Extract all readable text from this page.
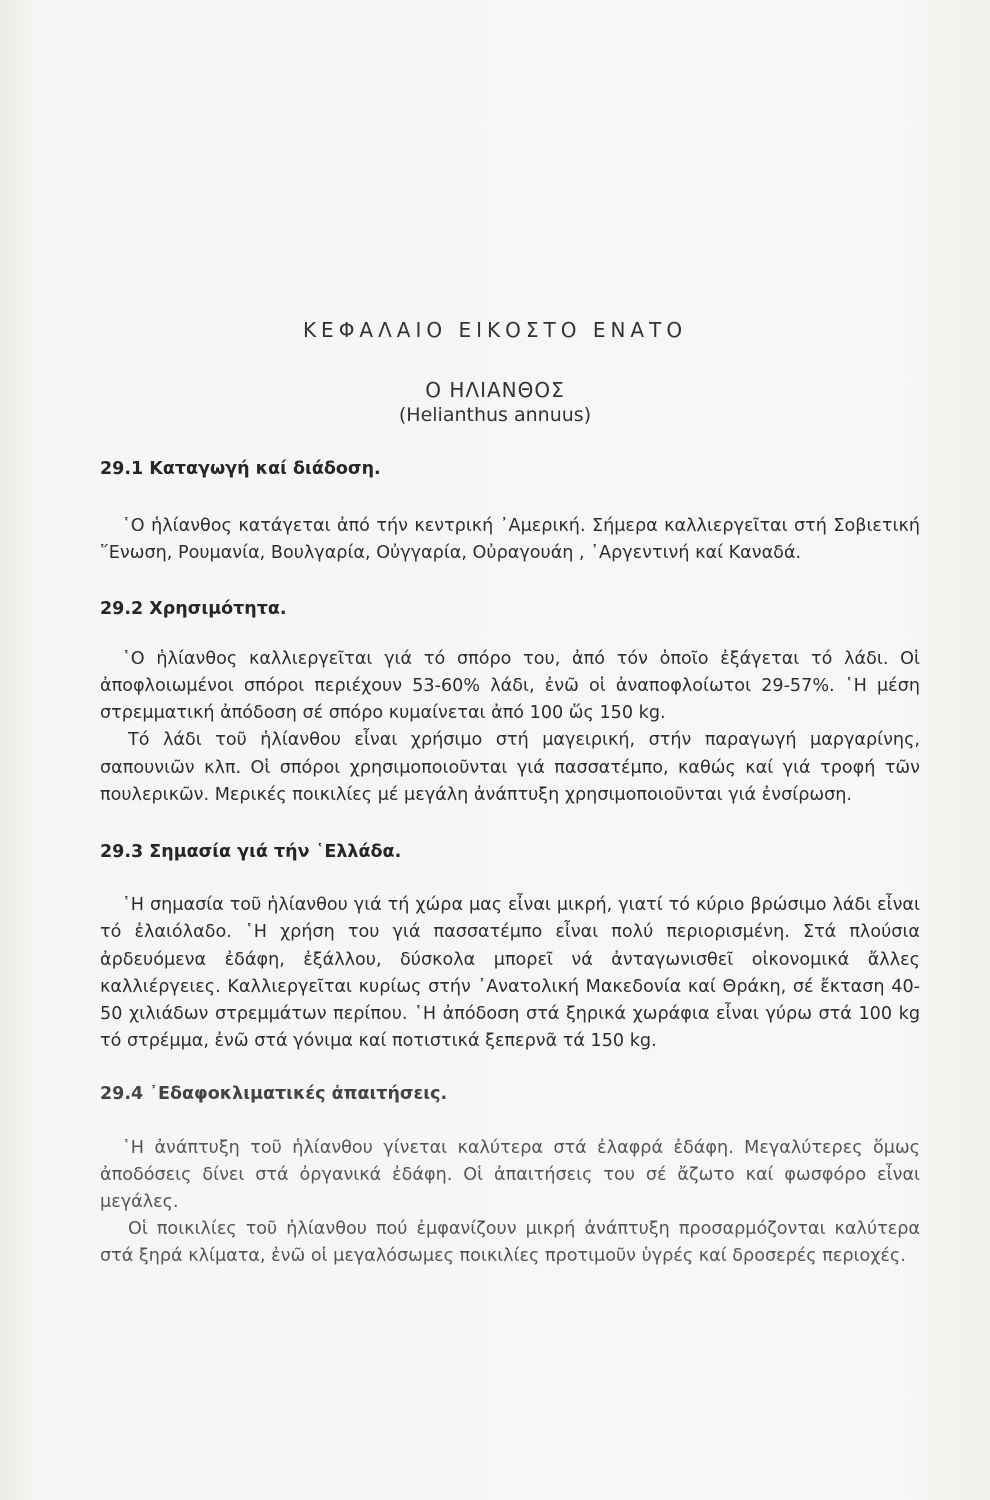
ΚΕΦΑΛΑΙΟ ΕΙΚΟΣΤΟ ΕΝΑΤΟ
Ο ΗΛΙΑΝΘΟΣ
(Helianthus annuus)

29.1 Καταγωγή καί διάδοση.

῾Ο ἡλίανθος κατάγεται ἀπό τήν κεντρική ᾿Αμερική. Σήμερα καλλιεργεῖται στή Σοβιετική ῞Ενωση, Ρουμανία, Βουλγαρία, Οὐγγαρία, Οὐραγουάη , ᾿Αργεντινή καί Καναδά.

29.2 Χρησιμότητα.

῾Ο ἡλίανθος καλλιεργεῖται γιά τό σπόρο του, ἀπό τόν ὁποῖο ἐξάγεται τό λάδι. Οἱ ἀποφλοιωμένοι σπόροι περιέχουν 53-60% λάδι, ἐνῶ οἱ ἀναποφλοίωτοι 29-57%. ῾Η μέση στρεμματική ἀπόδοση σέ σπόρο κυμαίνεται ἀπό 100 ὥς 150 kg.

Τό λάδι τοῦ ἡλίανθου εἶναι χρήσιμο στή μαγειρική, στήν παραγωγή μαργαρίνης, σαπουνιῶν κλπ. Οἱ σπόροι χρησιμοποιοῦνται γιά πασσατέμπο, καθώς καί γιά τροφή τῶν πουλερικῶν. Μερικές ποικιλίες μέ μεγάλη ἀνάπτυξη χρησιμοποιοῦνται γιά ἐνσίρωση.

29.3 Σημασία γιά τήν ῾Ελλάδα.

῾Η σημασία τοῦ ἡλίανθου γιά τή χώρα μας εἶναι μικρή, γιατί τό κύριο βρώσιμο λάδι εἶναι τό ἐλαιόλαδο. ῾Η χρήση του γιά πασσατέμπο εἶναι πολύ περιορισμένη. Στά πλούσια ἀρδευόμενα ἐδάφη, ἐξάλλου, δύσκολα μπορεῖ νά ἀνταγωνισθεῖ οἰκονομικά ἄλλες καλλιέργειες. Καλλιεργεῖται κυρίως στήν ᾿Ανατολική Μακεδονία καί Θράκη, σέ ἔκταση 40-50 χιλιάδων στρεμμάτων περίπου. ῾Η ἀπόδοση στά ξηρικά χωράφια εἶναι γύρω στά 100 kg τό στρέμμα, ἐνῶ στά γόνιμα καί ποτιστικά ξεπερνᾶ τά 150 kg.

29.4 ᾿Εδαφοκλιματικές ἀπαιτήσεις.

῾Η ἀνάπτυξη τοῦ ἡλίανθου γίνεται καλύτερα στά ἐλαφρά ἐδάφη. Μεγαλύτερες ὅμως ἀποδόσεις δίνει στά ὀργανικά ἐδάφη. Οἱ ἀπαιτήσεις του σέ ἄζωτο καί φωσφόρο εἶναι μεγάλες.

Οἱ ποικιλίες τοῦ ἡλίανθου πού ἐμφανίζουν μικρή ἀνάπτυξη προσαρμόζονται καλύτερα στά ξηρά κλίματα, ἐνῶ οἱ μεγαλόσωμες ποικιλίες προτιμοῦν ὑγρές καί δροσερές περιοχές.
